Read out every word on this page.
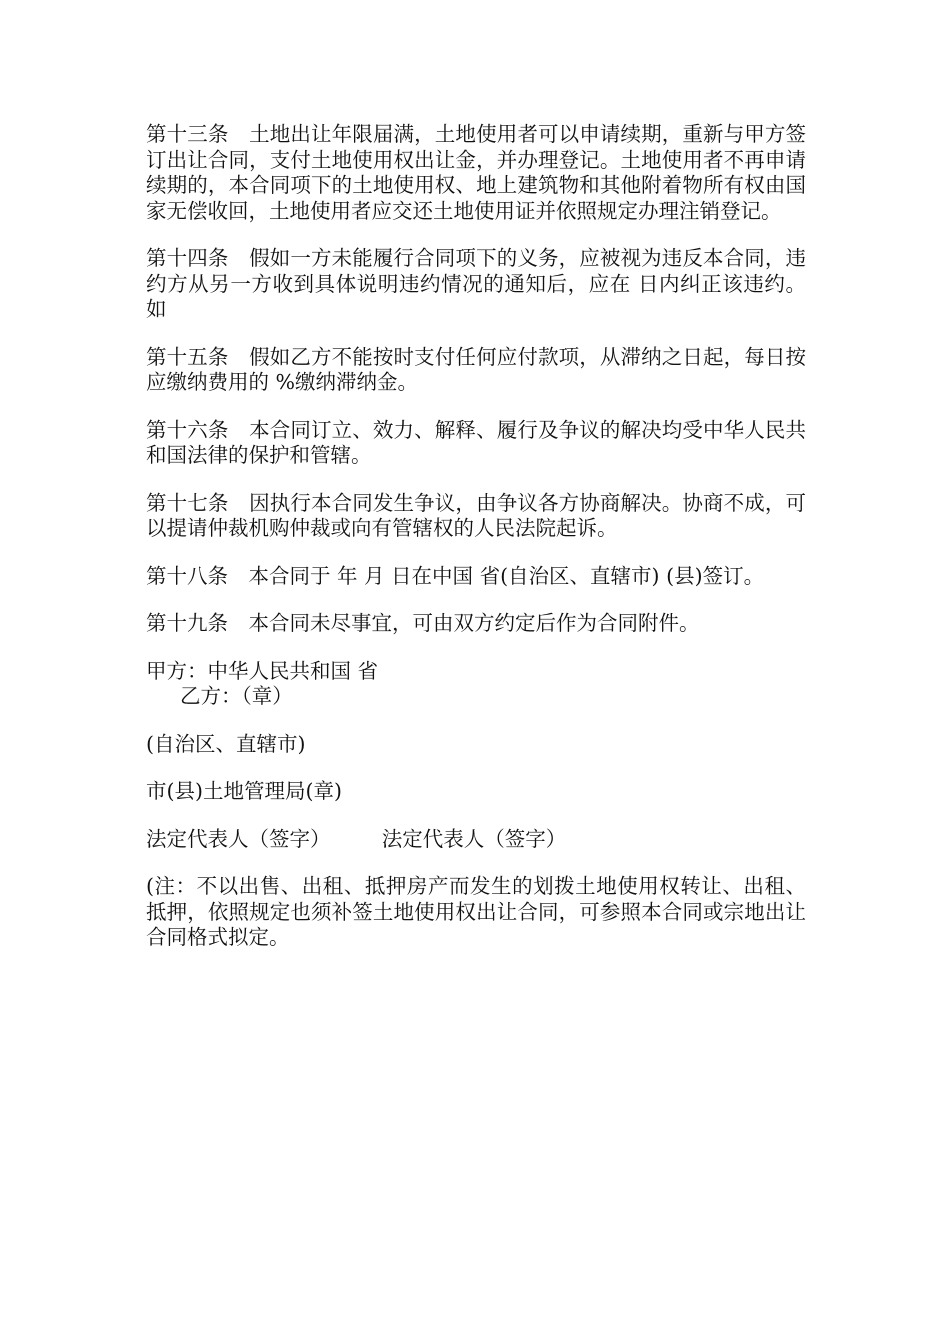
第十三条　土地出让年限届满，土地使用者可以申请续期，重新与甲方签订出让合同，支付土地使用权出让金，并办理登记。土地使用者不再申请续期的，本合同项下的土地使用权、地上建筑物和其他附着物所有权由国家无偿收回，土地使用者应交还土地使用证并依照规定办理注销登记。

第十四条　假如一方未能履行合同项下的义务，应被视为违反本合同，违约方从另一方收到具体说明违约情况的通知后，应在 日内纠正该违约。如

第十五条　假如乙方不能按时支付任何应付款项，从滞纳之日起，每日按应缴纳费用的 %缴纳滞纳金。

第十六条　本合同订立、效力、解释、履行及争议的解决均受中华人民共和国法律的保护和管辖。

第十七条　因执行本合同发生争议，由争议各方协商解决。协商不成，可以提请仲裁机购仲裁或向有管辖权的人民法院起诉。

第十八条　本合同于 年 月 日在中国 省(自治区、直辖市) (县)签订。

第十九条　本合同未尽事宜，可由双方约定后作为合同附件。

甲方：中华人民共和国 省

乙方：（章）

(自治区、直辖市)

市(县)土地管理局(章)

法定代表人（签字）　　　法定代表人（签字）

(注：不以出售、出租、抵押房产而发生的划拨土地使用权转让、出租、抵押，依照规定也须补签土地使用权出让合同，可参照本合同或宗地出让合同格式拟定。
